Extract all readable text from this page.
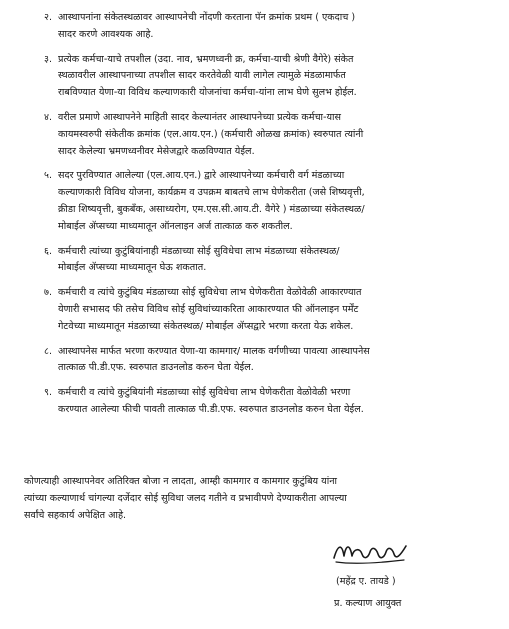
२. आस्थापनांना संकेतस्थळावर आस्थापनेची नोंदणी करताना पॅन क्रमांक प्रथम ( एकदाच )
सादर करणे आवश्यक आहे.
३. प्रत्येक कर्मचा-याचे तपशील (उदा. नाव, भ्रमणध्वनी क्र, कर्मचा-याची श्रेणी वैगेरे) संकेत
स्थळावरील आस्थापनाच्या तपशील सादर करतेवेळी यावी लागेल त्यामुळे मंडळामार्फत
राबविण्यात येणा-या विविध कल्याणकारी योजनांचा कर्मचा-यांना लाभ घेणे सुलभ होईल.
४. वरील प्रमाणे आस्थापनेने माहिती सादर केल्यानंतर आस्थापनेच्या प्रत्येक कर्मचा-यास
कायमस्वरुपी संकेतीक क्रमांक (एल.आय.एन.) (कर्मचारी ओळख क्रमांक) स्वरुपात त्यांनी
सादर केलेल्या भ्रमणध्वनीवर मेसेजद्वारे कळविण्यात येईल.
५. सदर पुरविण्यात आलेल्या (एल.आय.एन.) द्वारे आस्थापनेच्या कर्मचारी वर्ग मंडळाच्या
कल्याणकारी विविध योजना, कार्यक्रम व उपक्रम बाबतचे लाभ घेणेकरीता (जसे शिष्यवृत्ती,
क्रीडा शिष्यवृत्ती, बुकबँक, असाध्यरोग, एम.एस.सी.आय.टी. वैगेरे ) मंडळाच्या संकेतस्थळ/
मोबाईल ॲप्सच्या माध्यमातून ऑनलाइन अर्ज तात्काळ करु शकतील.
६. कर्मचारी त्यांच्या कुटुंबियांनाही मंडळाच्या सोई सुविधेचा लाभ मंडळाच्या संकेतस्थळ/
मोबाईल ॲप्सच्या माध्यमातून घेऊ शकतात.
७. कर्मचारी व त्यांचे कुटुंबिय मंडळाच्या सोई सुविधेचा लाभ घेणेकरीता वेळोवेळी आकारण्यात
येणारी सभासद फी तसेच विविध सोई सुविधांच्याकरिता आकारण्यात फी ऑनलाइन पर्मेंट
गेटवेच्या माध्यमातून मंडळाच्या संकेतस्थळ/ मोबाईल ॲप्सद्वारे भरणा करता येऊ शकेल.
८. आस्थापनेस मार्फत भरणा करण्यात येणा-या कामगार/ मालक वर्गणीच्या पावत्या आस्थापनेस
तात्काळ पी.डी.एफ. स्वरुपात डाउनलोड करुन घेता येईल.
९. कर्मचारी व त्यांचे कुटुंबियांनी मंडळाच्या सोई सुविधेचा लाभ घेणेकरीता वेळोवेळी भरणा
करण्यात आलेल्या फीची पावती तात्काळ पी.डी.एफ. स्वरुपात डाउनलोड करुन घेता येईल.
कोणत्याही आस्थापनेवर अतिरिक्त बोजा न लादता, आम्ही कामगार व कामगार कुटुंबिय यांना
त्यांच्या कल्याणार्थ चांगल्या दर्जेदार सोई सुविधा जलद गतीने व प्रभावीपणे देण्याकरीता आपल्या
सर्वांचे सहकार्य अपेक्षित आहे.
(महेंद्र ए. तायडे )
प्र. कल्याण आयुक्त
